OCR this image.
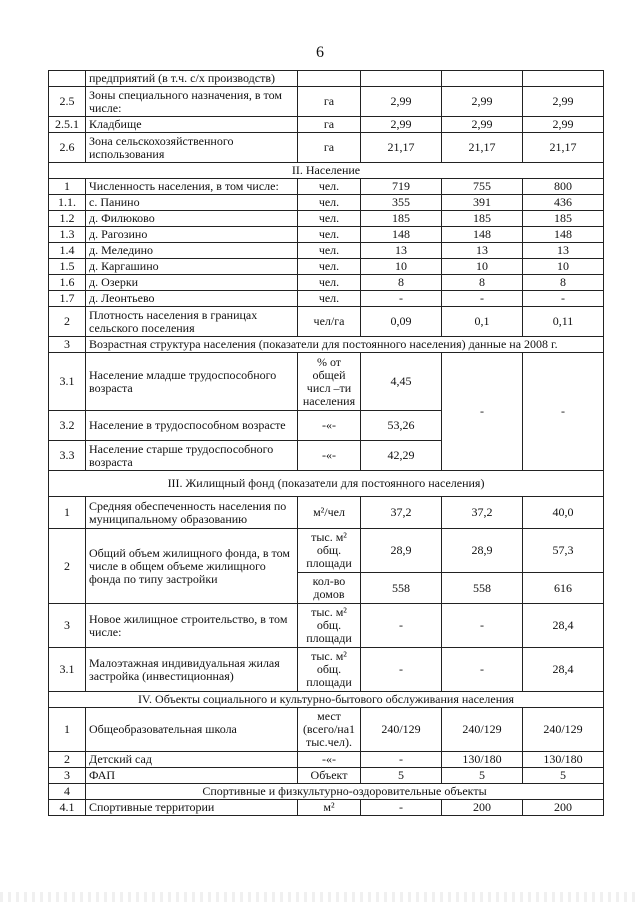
6
	предприятий (в т.ч. с/х производств)				
2.5	Зоны специального назначения, в том числе:	га	2,99	2,99	2,99
2.5.1	Кладбище	га	2,99	2,99	2,99
2.6	Зона сельскохозяйственного использования	га	21,17	21,17	21,17
II. Население					
1	Численность населения, в том числе:	чел.	719	755	800
1.1.	с. Панино	чел.	355	391	436
1.2	д. Филюково	чел.	185	185	185
1.3	д. Рагозино	чел.	148	148	148
1.4	д. Меледино	чел.	13	13	13
1.5	д. Каргашино	чел.	10	10	10
1.6	д. Озерки	чел.	8	8	8
1.7	д. Леонтьево	чел.	-	-	-
2	Плотность населения в границах сельского поселения	чел/га	0,09	0,1	0,11
3	Возрастная структура населения (показатели для постоянного населения) данные на 2008 г.				
3.1	Население младше трудоспособного возраста	% от общей числ –ти населения	4,45	-	-
3.2	Население в трудоспособном возрасте	-«-	53,26		
3.3	Население старше трудоспособного возраста	-«-	42,29		
III. Жилищный фонд (показатели для постоянного населения)					
1	Средняя обеспеченность населения по муниципальному образованию	м²/чел	37,2	37,2	40,0
2	Общий объем жилищного фонда, в том числе в общем объеме жилищного фонда по типу застройки	тыс. м² общ. площади	28,9	28,9	57,3
		кол-во домов	558	558	616
3	Новое жилищное строительство, в том числе:	тыс. м² общ. площади	-	-	28,4
3.1	Малоэтажная индивидуальная жилая застройка (инвестиционная)	тыс. м² общ. площади	-	-	28,4
IV. Объекты социального и культурно-бытового обслуживания населения					
1	Общеобразовательная школа	мест (всего/на1 тыс.чел).	240/129	240/129	240/129
2	Детский сад	-«-	-	130/180	130/180
3	ФАП	Объект	5	5	5
4	Спортивные и физкультурно-оздоровительные объекты				
4.1	Спортивные территории	м²	-	200	200
